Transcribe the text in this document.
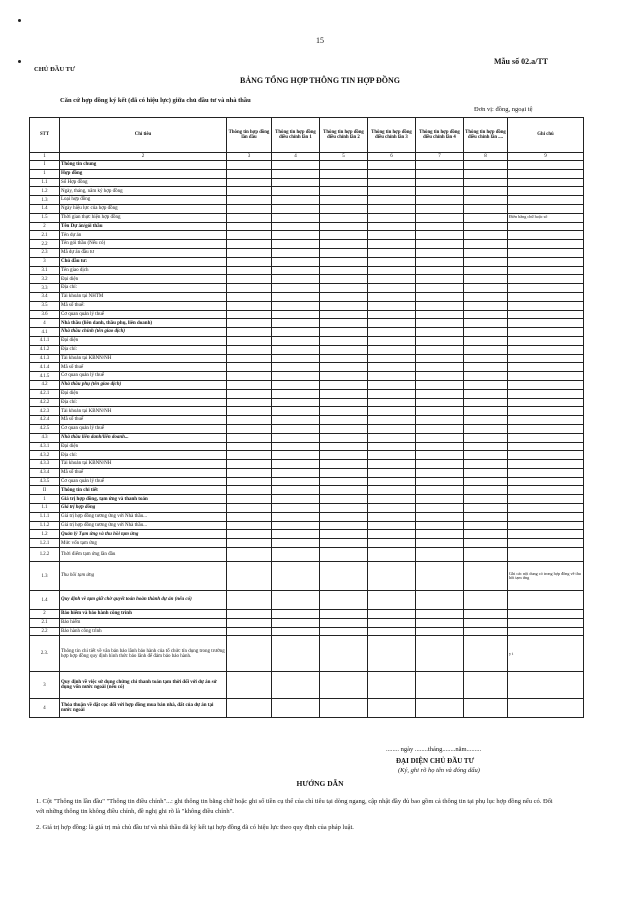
15
Mẫu số 02.a/TT
CHỦ ĐẦU TƯ
BẢNG TỔNG HỢP THÔNG TIN HỢP ĐỒNG
Căn cứ hợp đồng ký kết (đã có hiệu lực) giữa chủ đầu tư và nhà thầu
Đơn vị: đồng, ngoại tệ
STT	Chỉ tiêu	Thông tin hợp đồng lần đầu	Thông tin hợp đồng điều chỉnh lần 1	Thông tin hợp đồng điều chỉnh lần 2	Thông tin hợp đồng điều chỉnh lần 3	Thông tin hợp đồng điều chỉnh lần 4	Thông tin hợp đồng điều chỉnh lần ....	Ghi chú
1	2	3	4	5	6	7	8	9
I	Thông tin chung							
1	Hợp đồng							
1.1	Số Hợp đồng							
1.2	Ngày, tháng, năm ký hợp đồng							
1.3	Loại hợp đồng							
1.4	Ngày hiệu lực của hợp đồng							
1.5	Thời gian thực hiện hợp đồng							Điền bằng chữ hoặc số
2	Tên Dự án/gói thầu							
2.1	Tên dự án							
2.2	Tên gói thầu (Nếu có)							
2.3	Mã dự án đầu tư							
3	Chủ đầu tư:							
3.1	Tên giao dịch							
3.2	Đại diện							
3.3	Địa chỉ:							
3.4	Tài khoản tại NHTM							
3.5	Mã số thuế:							
3.6	Cơ quan quản lý thuế							
4	Nhà thầu (liên danh, thầu phụ, liên doanh)							
4.1	Nhà thầu chính (tên giao dịch)							
4.1.1	Đại diện							
4.1.2	Địa chỉ:							
4.1.3	Tài khoản tại KBNN/NH							
4.1.4	Mã số thuế							
4.1.5	Cơ quan quản lý thuế							
4.2	Nhà thầu phụ (tên giao dịch)							
4.2.1	Đại diện							
4.2.2	Địa chỉ:							
4.2.3	Tài khoản tại KBNN/NH							
4.2.4	Mã số thuế							
4.2.5	Cơ quan quản lý thuế							
4.3	Nhà thầu liên danh/liên doanh...							
4.3.1	Đại diện							
4.3.2	Địa chỉ:							
4.3.3	Tài khoản tại KBNN/NH							
4.3.4	Mã số thuế							
4.3.5	Cơ quan quản lý thuế							
II	Thông tin chi tiết							
1	Giá trị hợp đồng, tạm ứng và thanh toán							
1.1	Giá trị hợp đồng							
1.1.1	Giá trị hợp đồng tương ứng với Nhà thầu...							
1.1.2	Giá trị hợp đồng tương ứng với Nhà thầu...							
1.2	Quản lý Tạm ứng và thu hồi tạm ứng							
1.2.1	Mức vốn tạm ứng							
1.2.2	Thời điểm tạm ứng lần đầu							
1.3	Thu hồi tạm ứng							Ghi các nội dung có trong hợp đồng về thu hồi tạm ứng
1.4	Quy định về tạm giữ chờ quyết toán hoàn thành dự án (nếu có)							
2	Bảo hiểm và bảo hành công trình							
2.1	Bảo hiểm							
2.2	Bảo hành công trình							
2.3.	Thông tin chi tiết về văn bản bảo lãnh bảo hành của tổ chức tín dụng trong trường hợp hợp đồng quy định hình thức bảo lãnh để đảm bảo bảo hành.							y i
3	Quy định về việc sử dụng chứng chỉ thanh toán tạm thời đối với dự án sử dụng vốn nước ngoài (nếu có)							
4	Thỏa thuận về đặt cọc đối với hợp đồng mua bán nhà, đất của dự án tại nước ngoài							
........ ngày ........tháng........năm.........
ĐẠI DIỆN CHỦ ĐẦU TƯ
(Ký, ghi rõ họ tên và đóng dấu)
HƯỚNG DẪN
1. Cột "Thông tin lần đầu" "Thông tin điều chỉnh"...: ghi thông tin bằng chữ hoặc ghi số tiền cụ thể của chỉ tiêu tại dòng ngang, cập nhật đầy đủ bao gồm cả thông tin tại phụ lục hợp đồng nếu có. Đối với những thông tin không điều chỉnh, đề nghị ghi rõ là "không điều chỉnh".
2. Giá trị hợp đồng: là giá trị mà chủ đầu tư và nhà thầu đã ký kết tại hợp đồng đã có hiệu lực theo quy định của pháp luật.
